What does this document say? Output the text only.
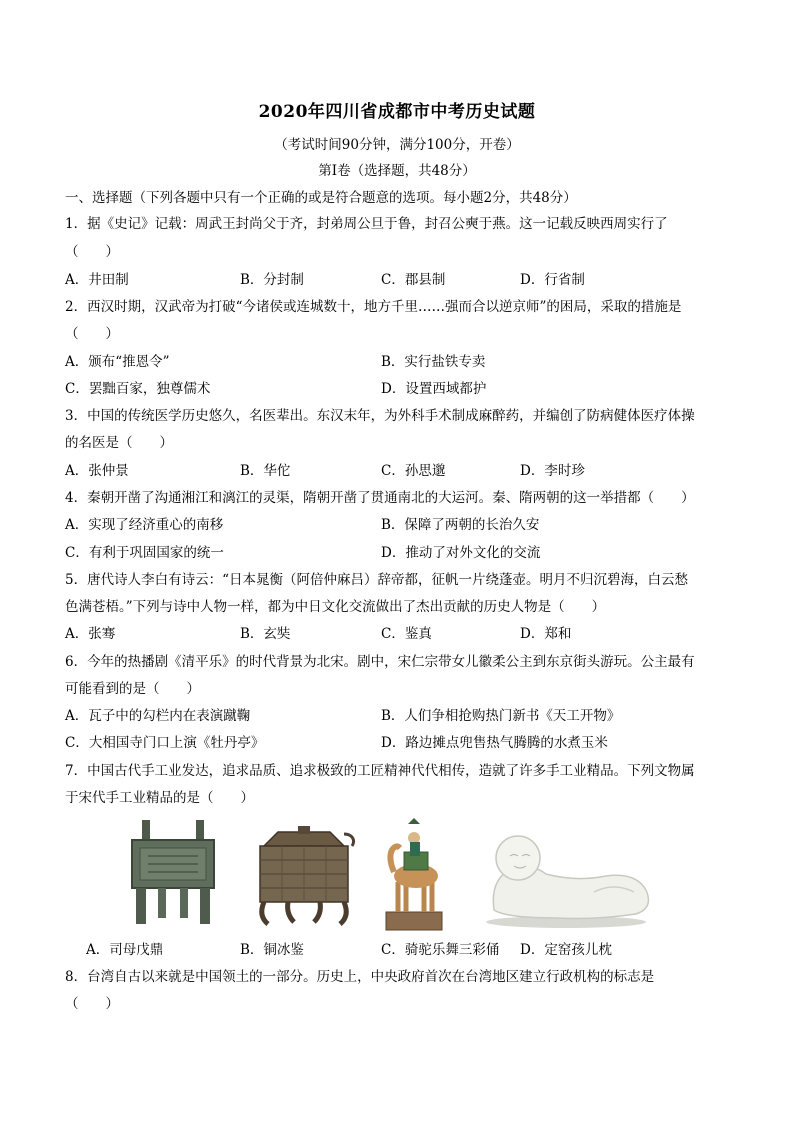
2020年四川省成都市中考历史试题
（考试时间90分钟，满分100分，开卷）
第Ⅰ卷（选择题，共48分）
一、选择题（下列各题中只有一个正确的或是符合题意的选项。每小题2分，共48分）
1．据《史记》记载：周武王封尚父于齐，封弟周公旦于鲁，封召公奭于燕。这一记载反映西周实行了
（　　）
A．井田制	B．分封制	C．郡县制	D．行省制
2．西汉时期，汉武帝为打破“今诸侯或连城数十，地方千里……强而合以逆京师”的困局，采取的措施是
（　　）
A．颁布“推恩令”	B．实行盐铁专卖
C．罢黜百家，独尊儒术	D．设置西域都护
3．中国的传统医学历史悠久，名医辈出。东汉末年，为外科手术制成麻醉药，并编创了防病健体医疗体操
的名医是（　　）
A．张仲景	B．华佗	C．孙思邈	D．李时珍
4．秦朝开凿了沟通湘江和漓江的灵渠，隋朝开凿了贯通南北的大运河。秦、隋两朝的这一举措都（　　）
A．实现了经济重心的南移	B．保障了两朝的长治久安
C．有利于巩固国家的统一	D．推动了对外文化的交流
5．唐代诗人李白有诗云：“日本晁衡（阿倍仲麻吕）辞帝都，征帆一片绕蓬壶。明月不归沉碧海，白云愁
色满苍梧。”下列与诗中人物一样，都为中日文化交流做出了杰出贡献的历史人物是（　　）
A．张骞	B．玄奘	C．鉴真	D．郑和
6．今年的热播剧《清平乐》的时代背景为北宋。剧中，宋仁宗带女儿徽柔公主到东京街头游玩。公主最有
可能看到的是（　　）
A．瓦子中的勾栏内在表演蹴鞠	B．人们争相抢购热门新书《天工开物》
C．大相国寺门口上演《牡丹亭》	D．路边摊点兜售热气腾腾的水煮玉米
7．中国古代手工业发达，追求品质、追求极致的工匠精神代代相传，造就了许多手工业精品。下列文物属
于宋代手工业精品的是（　　）
A．司母戊鼎	B．铜冰鉴	C．骑驼乐舞三彩俑 D．定窑孩儿枕
8．台湾自古以来就是中国领土的一部分。历史上，中央政府首次在台湾地区建立行政机构的标志是
（　　）
